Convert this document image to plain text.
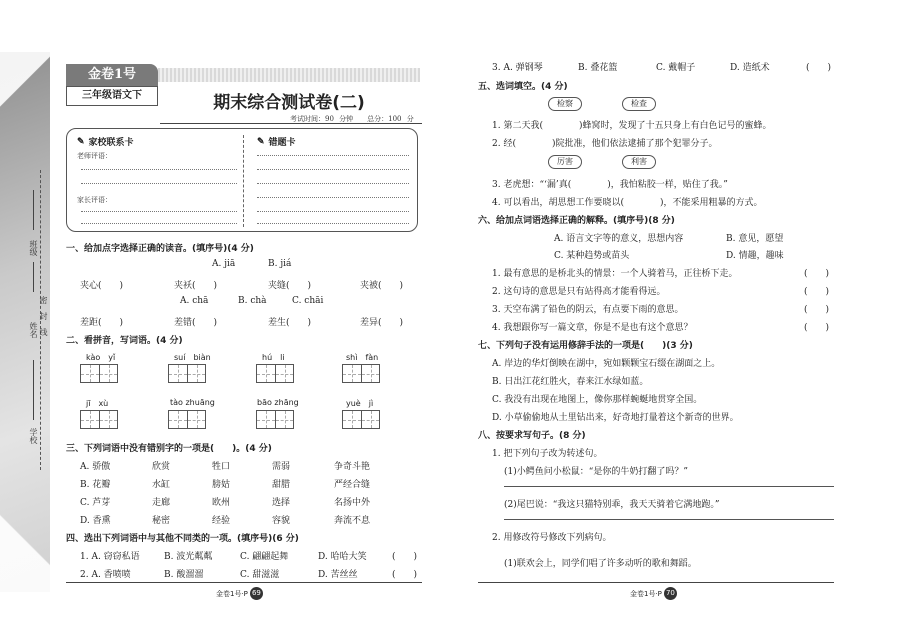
班级
姓名 密　封　线
学校
金卷1号
三年级语文下	期末综合测试卷(二)
考试时间：90 分钟　　总分：100 分
✎ 家校联系卡
老师评语：
家长评语：
✎ 错题卡
一、给加点字选择正确的读音。(填序号)(4 分)
A. jiā	B. jiá
夹心(　　)	夹袄(　　)	夹缝(　　)	夹被(　　)
A. chā	B. chà	C. chāi
差距(　　)	差错(　　)	差生(　　)	差异(　　)
二、看拼音，写词语。(4 分)
kào　yǐ	suí　biàn	hú　li	shì　fàn
jī　xù	tào zhuāng	bāo zhāng	yuè　jì
三、下列词语中没有错别字的一项是(　　)。(4 分)
A. 骄傲	欣赏	牲口	需弱	争奇斗艳
B. 花瓣	水缸	膀姑	甜腊	严经合缝
C. 芦芽	走廊	欧州	选择	名扬中外
D. 香熏	秘密	经验	容貌	奔流不息
四、选出下列词语中与其他不同类的一项。(填序号)(6 分)
1. A. 窃窃私语	B. 波光粼粼	C. 翩翩起舞	D. 哈哈大笑	(　　)
2. A. 香喷喷	B. 酸溜溜	C. 甜滋滋	D. 苦丝丝	(　　)
金卷1号·P 69
3. A. 弹钢琴	B. 叠花篮	C. 戴帽子	D. 造纸术	(　　)
五、选词填空。(4 分)
检察	检查
1. 第二天我(　　　　)蜂窝时，发现了十五只身上有白色记号的蜜蜂。
2. 经(　　　　)院批准，他们依法逮捕了那个犯罪分子。
厉害	利害
3. 老虎想：“‘漏’真(　　　　)，我怕粘胶一样，贴住了我。”
4. 可以看出，胡思想工作要晓以(　　　　)，不能采用粗暴的方式。
六、给加点词语选择正确的解释。(填序号)(8 分)
A. 语言文字等的意义，思想内容	B. 意见，愿望
C. 某种趋势或苗头	D. 情趣，趣味
1. 最有意思的是桥北头的情景：一个人骑着马，正往桥下走。	(　　)
2. 这句诗的意思是只有站得高才能看得远。	(　　)
3. 天空布满了铅色的阴云，有点要下雨的意思。	(　　)
4. 我想跟你写一篇文章，你是不是也有这个意思？	(　　)
七、下列句子没有运用修辞手法的一项是(　　)(3 分)
A. 岸边的华灯倒映在湖中，宛如颗颗宝石缀在湖面之上。
B. 日出江花红胜火，春来江水绿如蓝。
C. 我没有出现在地图上，像你那样蜿蜒地贯穿全国。
D. 小草偷偷地从土里钻出来，好奇地打量着这个新奇的世界。
八、按要求写句子。(8 分)
1. 把下列句子改为转述句。
(1)小鳄鱼问小松鼠：“是你的牛奶打翻了吗？”
(2)尾巴说：“我这只猫特别乖，我天天骑着它满地跑。”
2. 用修改符号修改下列病句。
(1)联欢会上，同学们唱了许多动听的歌和舞蹈。
金卷1号·P 70
